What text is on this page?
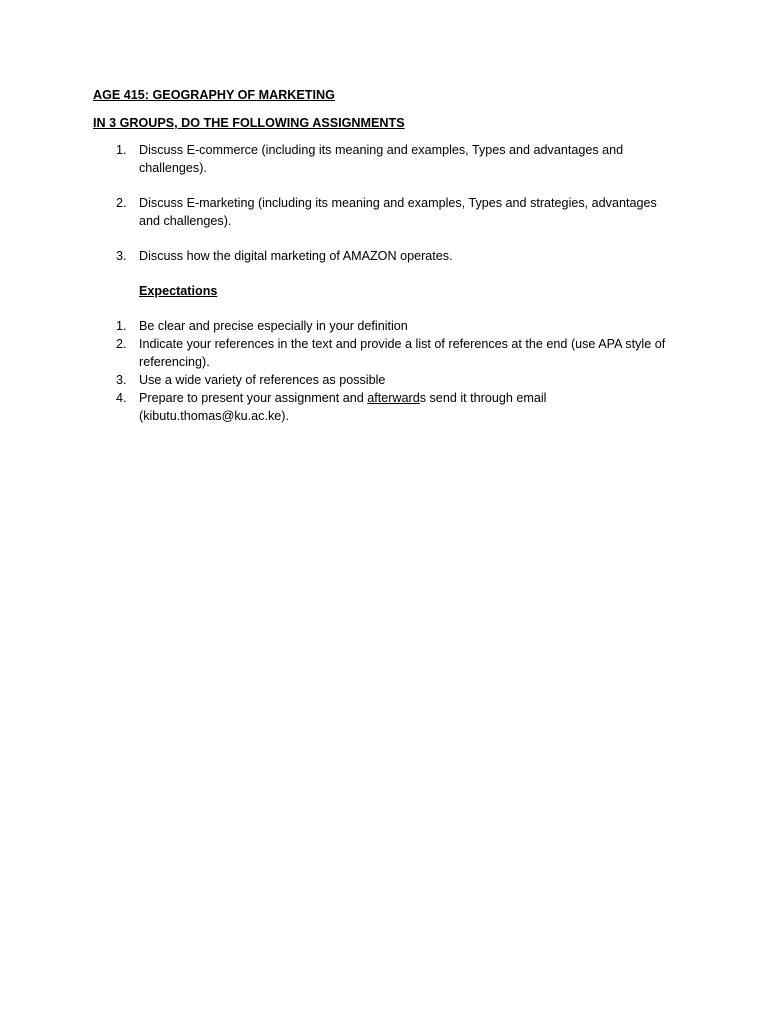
AGE 415: GEOGRAPHY OF MARKETING
IN 3 GROUPS, DO THE FOLLOWING ASSIGNMENTS
1. Discuss E-commerce (including its meaning and examples, Types and advantages and challenges).
2. Discuss E-marketing (including its meaning and examples, Types and strategies, advantages and challenges).
3. Discuss how the digital marketing of AMAZON operates.
Expectations
1. Be clear and precise especially in your definition
2. Indicate your references in the text and provide a list of references at the end (use APA style of referencing).
3. Use a wide variety of references as possible
4. Prepare to present your assignment and afterwards send it through email (kibutu.thomas@ku.ac.ke).
